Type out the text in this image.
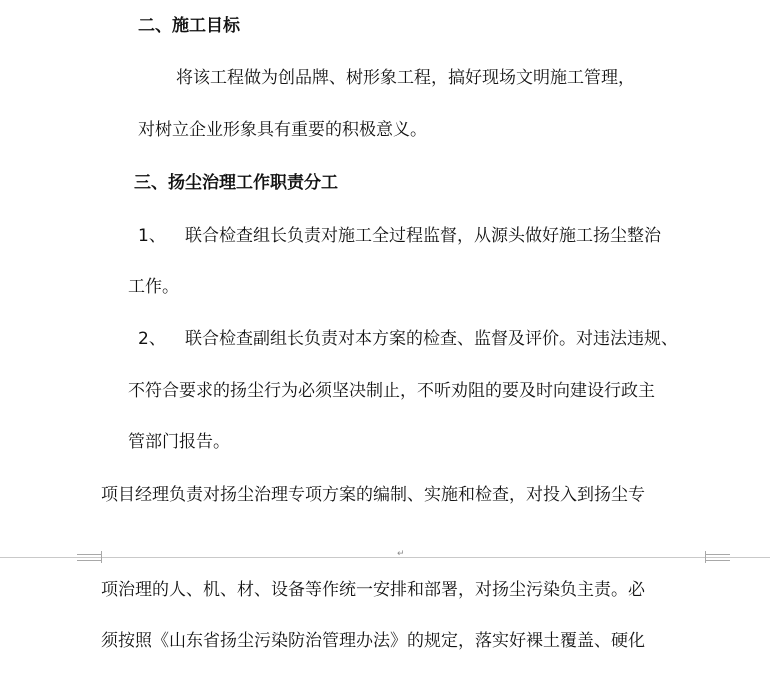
二、施工目标
将该工程做为创品牌、树形象工程，搞好现场文明施工管理，
对树立企业形象具有重要的积极意义。
三、扬尘治理工作职责分工
1、 联合检查组长负责对施工全过程监督，从源头做好施工扬尘整治
工作。
2、 联合检查副组长负责对本方案的检查、监督及评价。对违法违规、
不符合要求的扬尘行为必须坚决制止，不听劝阻的要及时向建设行政主
管部门报告。
项目经理负责对扬尘治理专项方案的编制、实施和检查，对投入到扬尘专
↵
项治理的人、机、材、设备等作统一安排和部署，对扬尘污染负主责。必
须按照《山东省扬尘污染防治管理办法》的规定，落实好裸土覆盖、硬化
